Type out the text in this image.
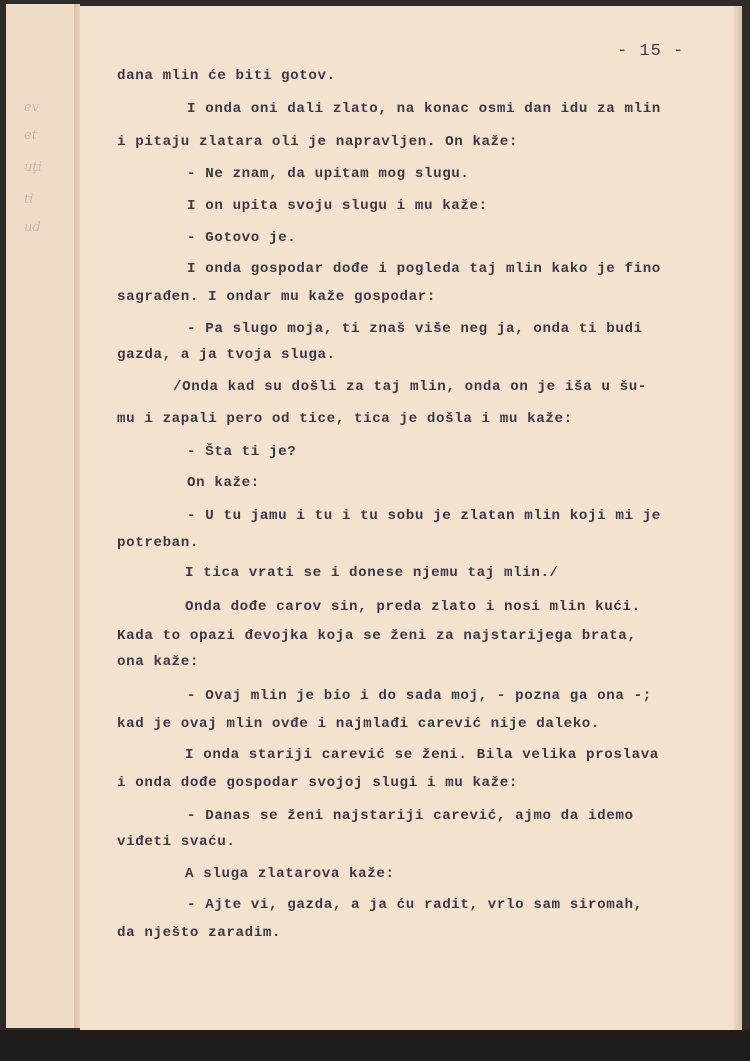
ev
et
uţi
ti
ud
- 15 -
dana mlin će biti gotov.
I onda oni dali zlato, na konac osmi dan idu za mlin
i pitaju zlatara oli je napravljen. On kaže:
- Ne znam, da upitam mog slugu.
I on upita svoju slugu i mu kaže:
- Gotovo je.
I onda gospodar dođe i pogleda taj mlin kako je fino
sagrađen. I ondar mu kaže gospodar:
- Pa slugo moja, ti znaš više neg ja, onda ti budi
gazda, a ja tvoja sluga.
/Onda kad su došli za taj mlin, onda on je išа u šu-
mu i zapali pero od tice, tica je došla i mu kaže:
- Šta ti je?
On kaže:
- U tu jamu i tu i tu sobu je zlatan mlin koji mi je
potreban.
I tica vrati se i donese njemu taj mlin./
Onda dođe carov sin, preda zlato i nosi mlin kući.
Kada to opazi đevojka koja se ženi za najstarijega brata,
ona kaže:
- Ovaj mlin je bio i do sada moj, - pozna ga ona -;
kad je ovaj mlin ovđe i najmlađi carević nije daleko.
I onda stariji carević se ženi. Bila velika proslava
i onda dođe gospodar svojoj slugi i mu kaže:
- Danas se ženi najstariji carević, ajmo da idemo
viđeti svaću.
A sluga zlatarova kaže:
- Ajte vi, gazda, a ja ću radit, vrlo sam siromah,
da nješto zaradim.
